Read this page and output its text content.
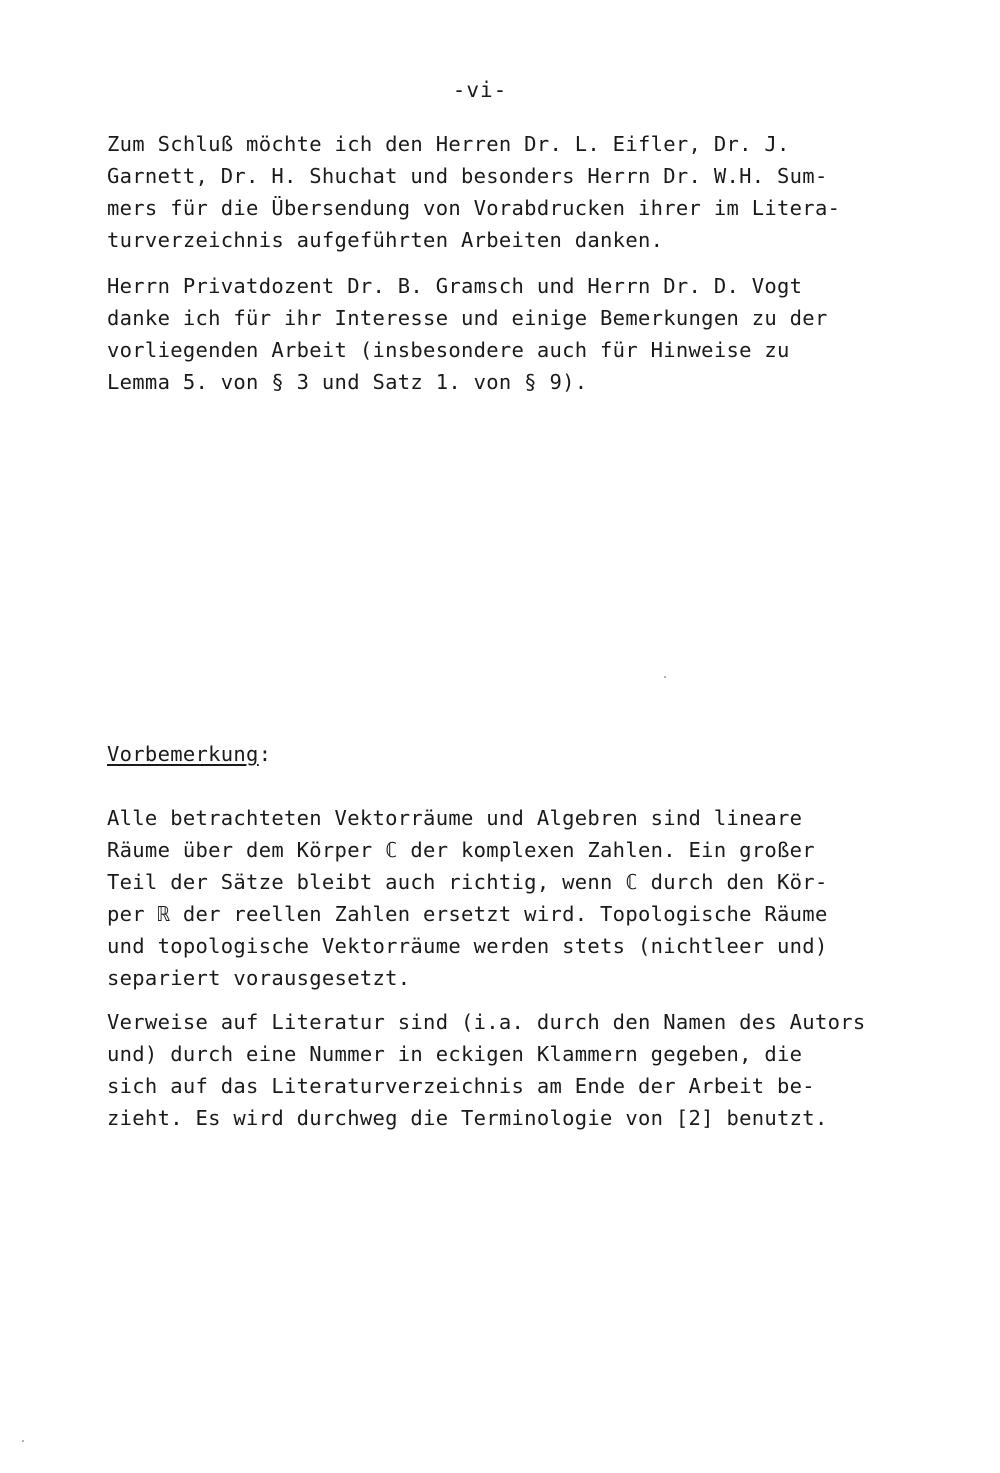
-vi-

Zum Schluß möchte ich den Herren Dr. L. Eifler, Dr. J.
Garnett, Dr. H. Shuchat und besonders Herrn Dr. W.H. Sum-
mers für die Übersendung von Vorabdrucken ihrer im Litera-
turverzeichnis aufgeführten Arbeiten danken.

Herrn Privatdozent Dr. B. Gramsch und Herrn Dr. D. Vogt
danke ich für ihr Interesse und einige Bemerkungen zu der
vorliegenden Arbeit (insbesondere auch für Hinweise zu
Lemma 5. von § 3 und Satz 1. von § 9).

Vorbemerkung:

Alle betrachteten Vektorräume und Algebren sind lineare
Räume über dem Körper ℂ der komplexen Zahlen. Ein großer
Teil der Sätze bleibt auch richtig, wenn ℂ durch den Kör-
per ℝ der reellen Zahlen ersetzt wird. Topologische Räume
und topologische Vektorräume werden stets (nichtleer und)
separiert vorausgesetzt.

Verweise auf Literatur sind (i.a. durch den Namen des Autors
und) durch eine Nummer in eckigen Klammern gegeben, die
sich auf das Literaturverzeichnis am Ende der Arbeit be-
zieht. Es wird durchweg die Terminologie von [2] benutzt.
